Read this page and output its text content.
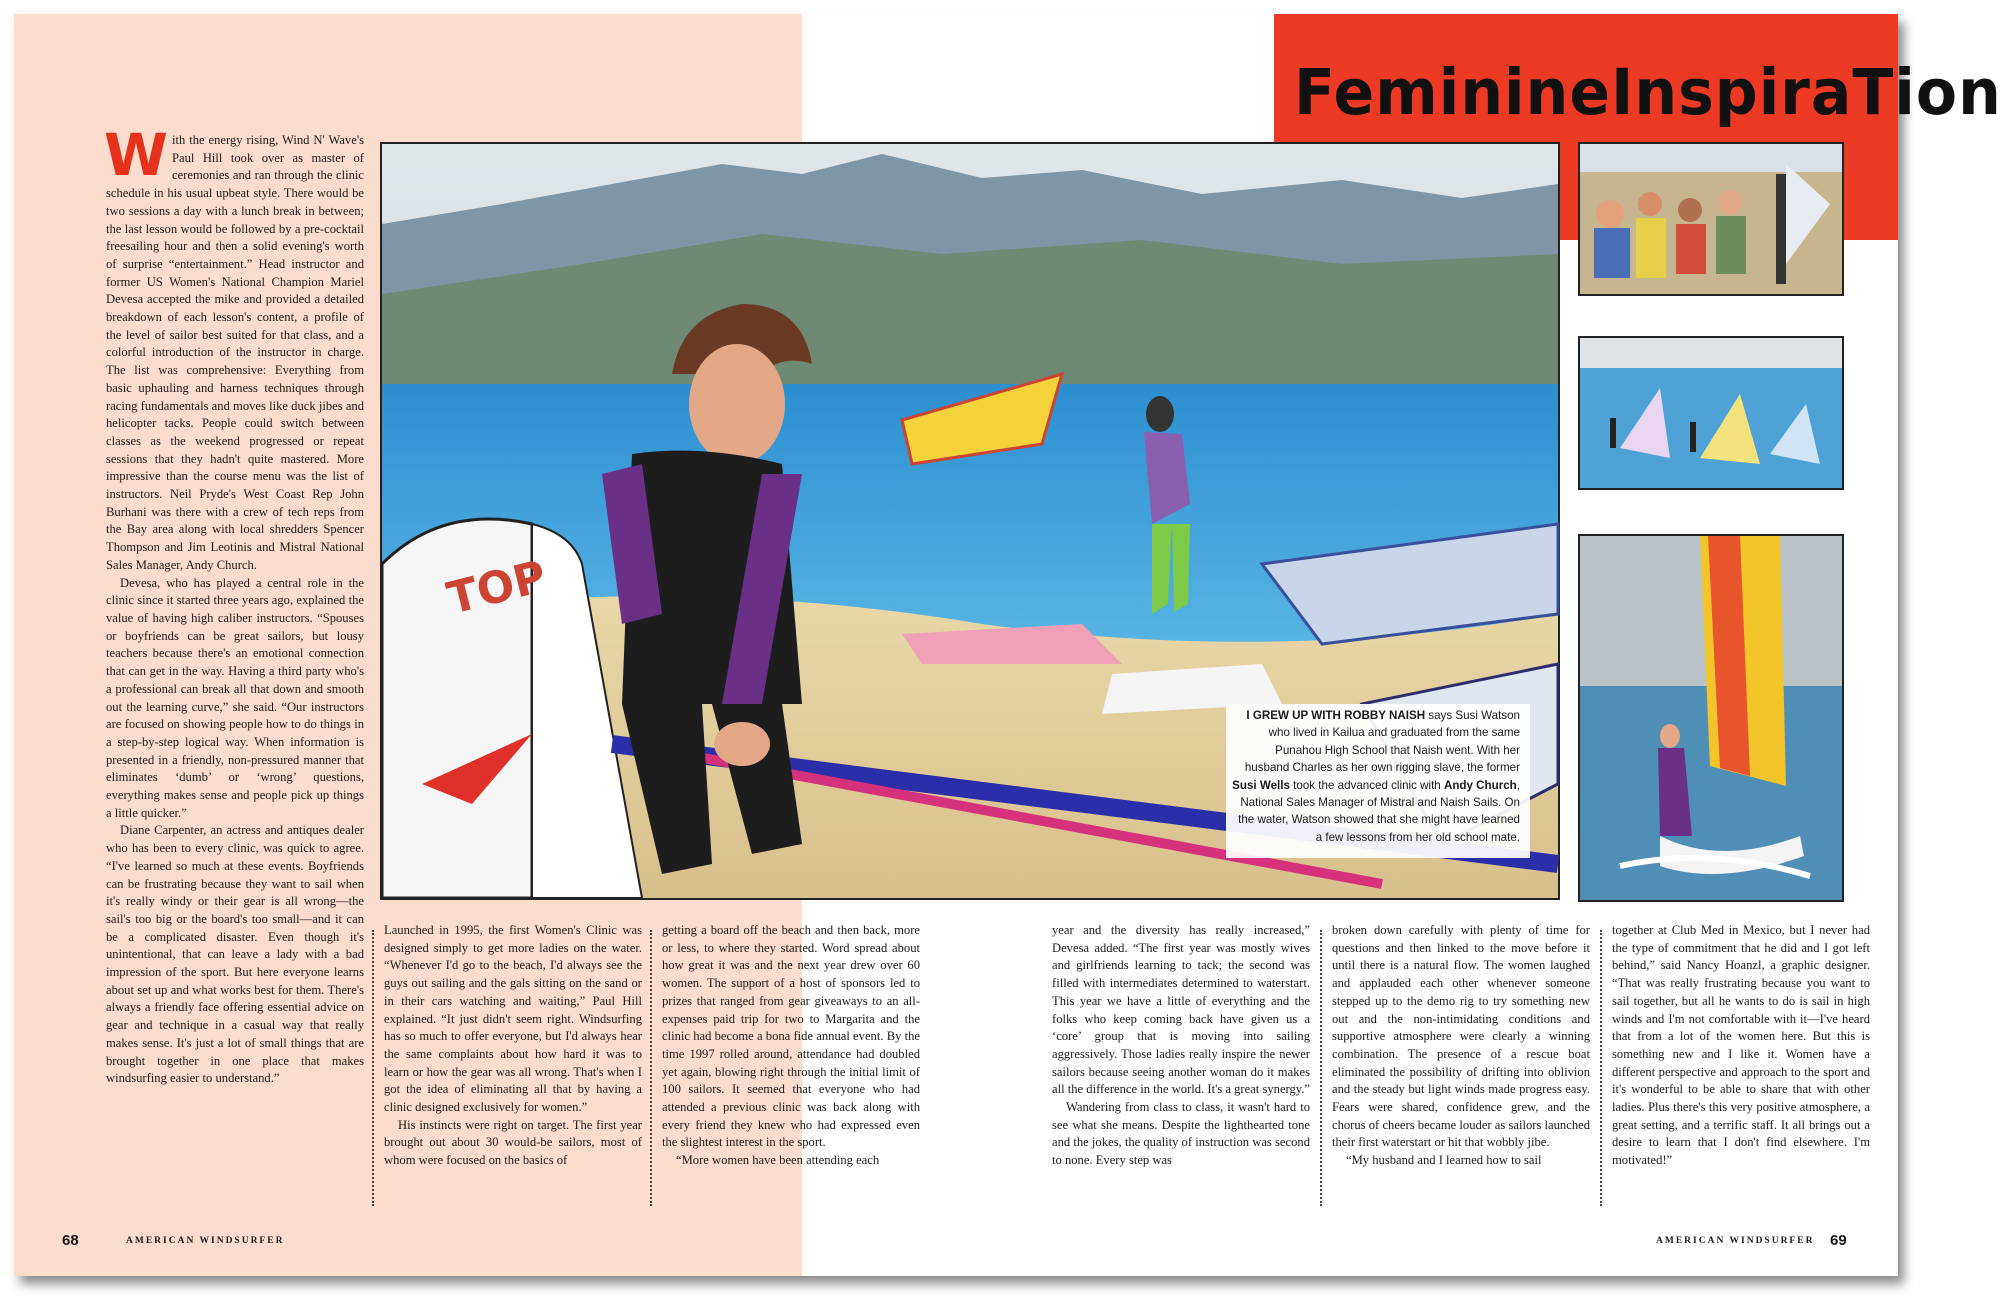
FeminineInspiraTion
TOP
I GREW UP WITH ROBBY NAISH says Susi Watson who lived in Kailua and graduated from the same Punahou High School that Naish went. With her husband Charles as her own rigging slave, the former Susi Wells took the advanced clinic with Andy Church, National Sales Manager of Mistral and Naish Sails. On the water, Watson showed that she might have learned a few lessons from her old school mate.

With the energy rising, Wind N' Wave's Paul Hill took over as master of ceremonies and ran through the clinic schedule in his usual upbeat style. There would be two sessions a day with a lunch break in between; the last lesson would be followed by a pre-cocktail freesailing hour and then a solid evening's worth of surprise “entertainment.” Head instructor and former US Women's National Champion Mariel Devesa accepted the mike and provided a detailed breakdown of each lesson's content, a profile of the level of sailor best suited for that class, and a colorful introduction of the instructor in charge. The list was comprehensive: Everything from basic uphauling and harness techniques through racing fundamentals and moves like duck jibes and helicopter tacks. People could switch between classes as the weekend progressed or repeat sessions that they hadn't quite mastered. More impressive than the course menu was the list of instructors. Neil Pryde's West Coast Rep John Burhani was there with a crew of tech reps from the Bay area along with local shredders Spencer Thompson and Jim Leotinis and Mistral National Sales Manager, Andy Church.

Devesa, who has played a central role in the clinic since it started three years ago, explained the value of having high caliber instructors. “Spouses or boyfriends can be great sailors, but lousy teachers because there's an emotional connection that can get in the way. Having a third party who's a professional can break all that down and smooth out the learning curve,” she said. “Our instructors are focused on showing people how to do things in a step-by-step logical way. When information is presented in a friendly, non-pressured manner that eliminates ‘dumb’ or ‘wrong’ questions, everything makes sense and people pick up things a little quicker.”

Diane Carpenter, an actress and antiques dealer who has been to every clinic, was quick to agree. “I've learned so much at these events. Boyfriends can be frustrating because they want to sail when it's really windy or their gear is all wrong—the sail's too big or the board's too small—and it can be a complicated disaster. Even though it's unintentional, that can leave a lady with a bad impression of the sport. But here everyone learns about set up and what works best for them. There's always a friendly face offering essential advice on gear and technique in a casual way that really makes sense. It's just a lot of small things that are brought together in one place that makes windsurfing easier to understand.”

Launched in 1995, the first Women's Clinic was designed simply to get more ladies on the water. “Whenever I'd go to the beach, I'd always see the guys out sailing and the gals sitting on the sand or in their cars watching and waiting,” Paul Hill explained. “It just didn't seem right. Windsurfing has so much to offer everyone, but I'd always hear the same complaints about how hard it was to learn or how the gear was all wrong. That's when I got the idea of eliminating all that by having a clinic designed exclusively for women.”

His instincts were right on target. The first year brought out about 30 would-be sailors, most of whom were focused on the basics of

getting a board off the beach and then back, more or less, to where they started. Word spread about how great it was and the next year drew over 60 women. The support of a host of sponsors led to prizes that ranged from gear giveaways to an all-expenses paid trip for two to Margarita and the clinic had become a bona fide annual event. By the time 1997 rolled around, attendance had doubled yet again, blowing right through the initial limit of 100 sailors. It seemed that everyone who had attended a previous clinic was back along with every friend they knew who had expressed even the slightest interest in the sport.

“More women have been attending each

year and the diversity has really increased,” Devesa added. “The first year was mostly wives and girlfriends learning to tack; the second was filled with intermediates determined to waterstart. This year we have a little of everything and the folks who keep coming back have given us a ‘core’ group that is moving into sailing aggressively. Those ladies really inspire the newer sailors because seeing another woman do it makes all the difference in the world. It's a great synergy.”

Wandering from class to class, it wasn't hard to see what she means. Despite the lighthearted tone and the jokes, the quality of instruction was second to none. Every step was

broken down carefully with plenty of time for questions and then linked to the move before it until there is a natural flow. The women laughed and applauded each other whenever someone stepped up to the demo rig to try something new out and the non-intimidating conditions and supportive atmosphere were clearly a winning combination. The presence of a rescue boat eliminated the possibility of drifting into oblivion and the steady but light winds made progress easy. Fears were shared, confidence grew, and the chorus of cheers became louder as sailors launched their first waterstart or hit that wobbly jibe.

“My husband and I learned how to sail

together at Club Med in Mexico, but I never had the type of commitment that he did and I got left behind,” said Nancy Hoanzl, a graphic designer. “That was really frustrating because you want to sail together, but all he wants to do is sail in high winds and I'm not comfortable with it—I've heard that from a lot of the women here. But this is something new and I like it. Women have a different perspective and approach to the sport and it's wonderful to be able to share that with other ladies. Plus there's this very positive atmosphere, a great setting, and a terrific staff. It all brings out a desire to learn that I don't find elsewhere. I'm motivated!”

68	AMERICAN WINDSURFER	AMERICAN WINDSURFER 69
